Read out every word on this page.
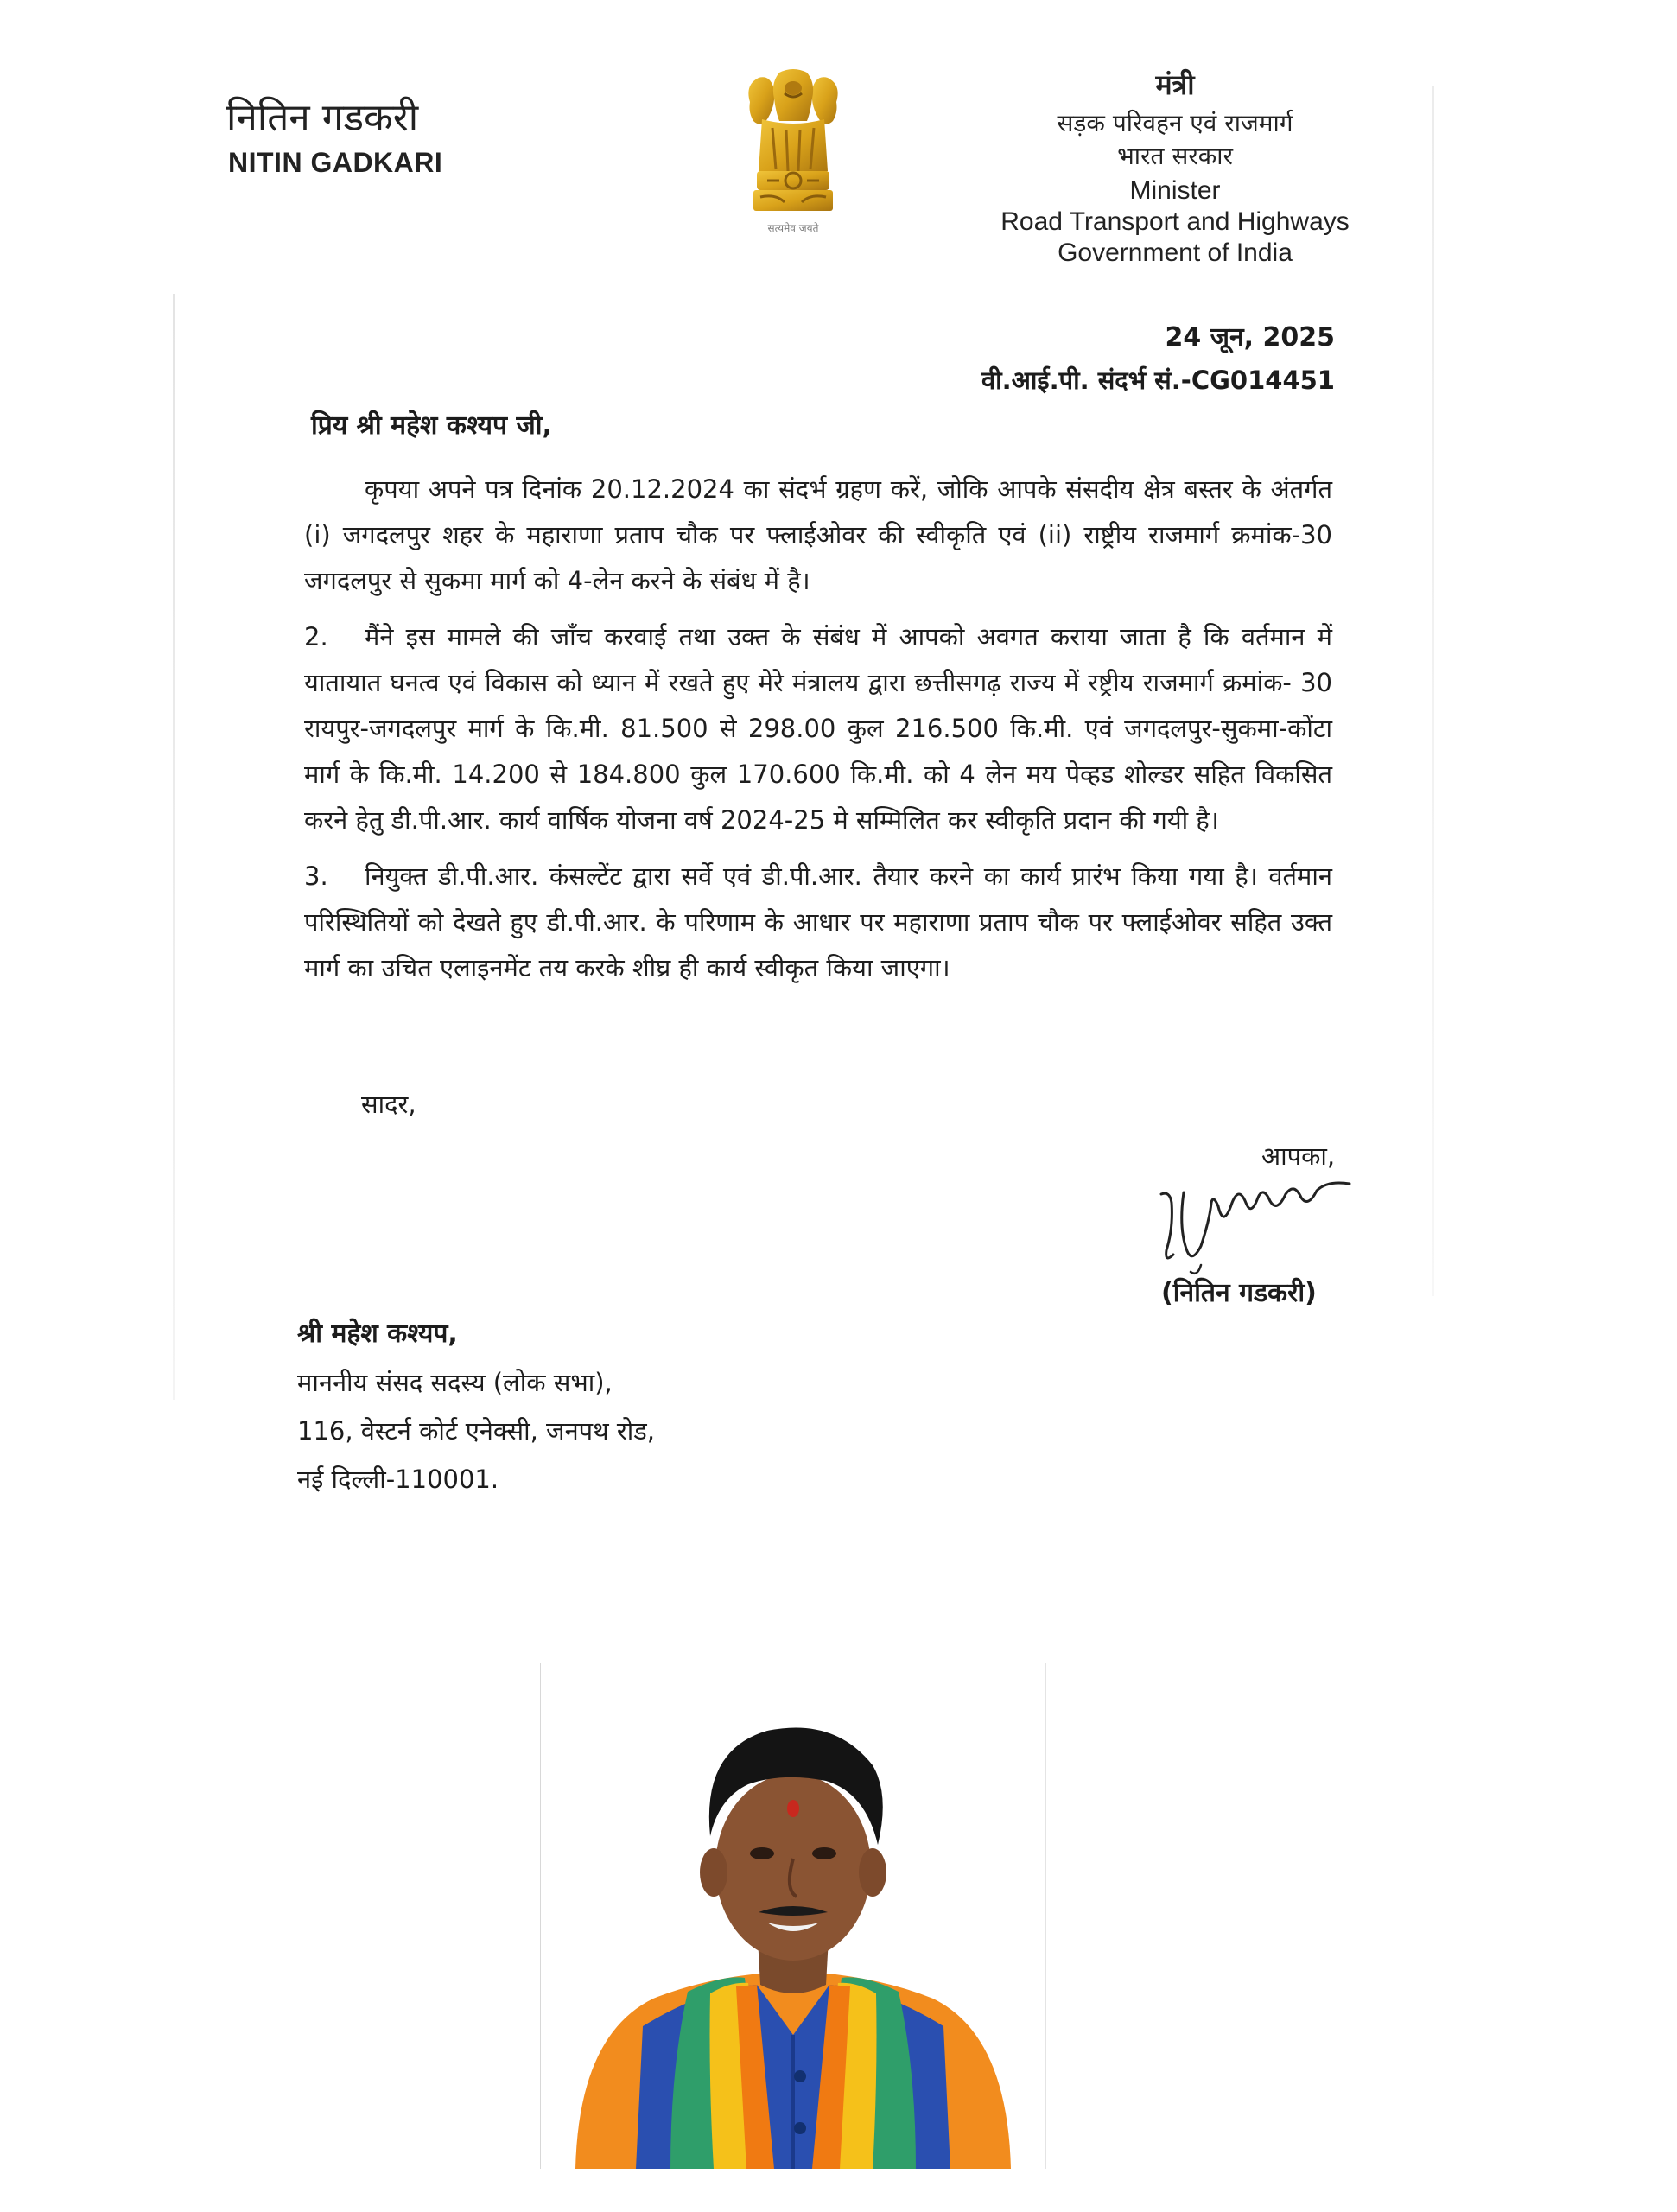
नितिन गडकरी
NITIN GADKARI
सत्यमेव जयते
मंत्री
सड़क परिवहन एवं राजमार्ग
भारत सरकार
Minister
Road Transport and Highways
Government of India
24 जून, 2025
वी.आई.पी. संदर्भ सं.-CG014451
प्रिय श्री महेश कश्यप जी,

कृपया अपने पत्र दिनांक 20.12.2024 का संदर्भ ग्रहण करें, जोकि आपके संसदीय क्षेत्र बस्तर के अंतर्गत (i) जगदलपुर शहर के महाराणा प्रताप चौक पर फ्लाईओवर की स्वीकृति एवं (ii) राष्ट्रीय राजमार्ग क्रमांक-30 जगदलपुर से सुकमा मार्ग को 4-लेन करने के संबंध में है।

2. मैंने इस मामले की जाँच करवाई तथा उक्त के संबंध में आपको अवगत कराया जाता है कि वर्तमान में यातायात घनत्व एवं विकास को ध्यान में रखते हुए मेरे मंत्रालय द्वारा छत्तीसगढ़ राज्य में रष्ट्रीय राजमार्ग क्रमांक- 30 रायपुर-जगदलपुर मार्ग के कि.मी. 81.500 से 298.00 कुल 216.500 कि.मी. एवं जगदलपुर-सुकमा-कोंटा मार्ग के कि.मी. 14.200 से 184.800 कुल 170.600 कि.मी. को 4 लेन मय पेव्हड शोल्डर सहित विकसित करने हेतु डी.पी.आर. कार्य वार्षिक योजना वर्ष 2024-25 मे सम्मिलित कर स्वीकृति प्रदान की गयी है।

3. नियुक्त डी.पी.आर. कंसल्टेंट द्वारा सर्वे एवं डी.पी.आर. तैयार करने का कार्य प्रारंभ किया गया है। वर्तमान परिस्थितियों को देखते हुए डी.पी.आर. के परिणाम के आधार पर महाराणा प्रताप चौक पर फ्लाईओवर सहित उक्त मार्ग का उचित एलाइनमेंट तय करके शीघ्र ही कार्य स्वीकृत किया जाएगा।

सादर,
आपका,
(नितिन गडकरी)
श्री महेश कश्यप,
माननीय संसद सदस्य (लोक सभा),
116, वेस्टर्न कोर्ट एनेक्सी, जनपथ रोड,
नई दिल्ली-110001.
